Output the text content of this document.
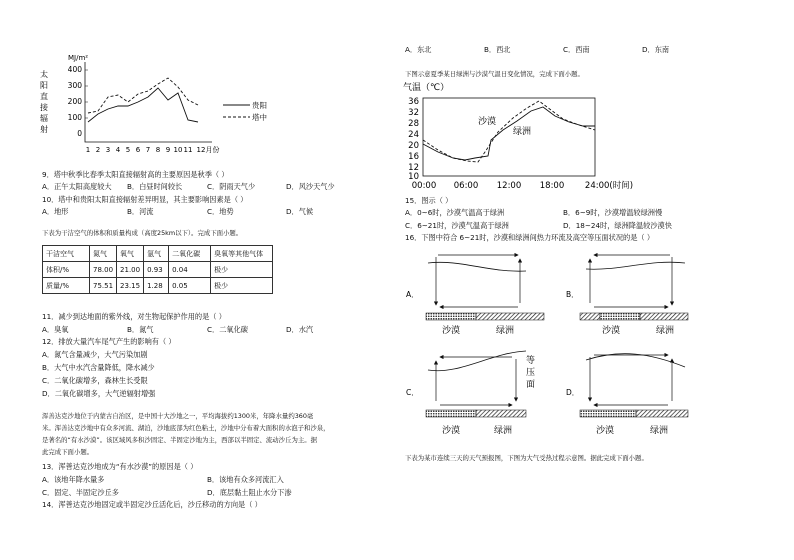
MJ/m²
太
阳
直
接
辐
射
400
300
200
100
0
1 2 3 4 5 6 7 8 9 10 11 12月份
贵阳
塔中
9．塔中秋季比春季太阳直接辐射高的主要原因是秋季（ ）
A．正午太阳高度较大 B．白昼时间较长	C．阴雨天气少	D．风沙天气少
10．塔中和贵阳太阳直接辐射差异明显，其主要影响因素是（ ）
A．地形	B．河流	C．地势	D．气候
下表为干洁空气的体积和质量构成（高度25km以下）。完成下面小题。
干洁空气	氮气	氧气	氩气	二氧化碳	臭氧等其他气体
体积/%	78.00	21.00	0.93	0.04	极少
质量/%	75.51	23.15	1.28	0.05	极少
11．减少到达地面的紫外线，对生物起保护作用的是（ ）
A．臭氧	B．氮气	C．二氧化碳	D．水汽
12．排放大量汽车尾气产生的影响有（ ）
A．氮气含量减少，大气污染加剧
B．大气中水汽含量降低，降水减少
C．二氧化碳增多，森林生长受限
D．二氧化碳增多，大气逆辐射增强
浑善达克沙地位于内蒙古自治区，是中国十大沙地之一，平均海拔约1300米，年降水量约360毫
米。浑善达克沙地中有众多河流、湖泊，沙地底部为红色粘土，沙地中分布着大面积的水泡子和沙泉，
是著名的“有水沙漠”。该区域风多积沙固定、半固定沙地为主，西部以半固定、流动沙丘为主。据
此完成下面小题。
13．浑善达克沙地成为“有水沙漠”的原因是（ ）
A．该地年降水量多	B．该地有众多河流汇入
C．固定、半固定沙丘多	D．底层黏土阻止水分下渗
14．浑善达克沙地固定或半固定沙丘活化后，沙丘移动的方向是（ ）
A．东北	B．西北	C．西南	D．东南
下图示意夏季某日绿洲与沙漠气温日变化情况，完成下面小题。
气温（℃）
36
32
28
24
20
16
12
10
沙漠
绿洲
00:00 06:00 12:00 18:00 24:00(时间)
15．图示（ ）
A．0~6时，沙漠气温高于绿洲	B．6~9时，沙漠增温较绿洲慢
C．6~21时，沙漠气温高于绿洲	D．18~24时，绿洲降温较沙漠快
16．下图中符合 6~21时，沙漠和绿洲间热力环流及高空等压面状况的是（ ）
A．
沙漠	绿洲
B．
沙漠	绿洲
C．
等
压
面
沙漠	绿洲
D．
沙漠	绿洲
下表为某市连续三天的天气预报图，下图为大气受热过程示意图。据此完成下面小题。
